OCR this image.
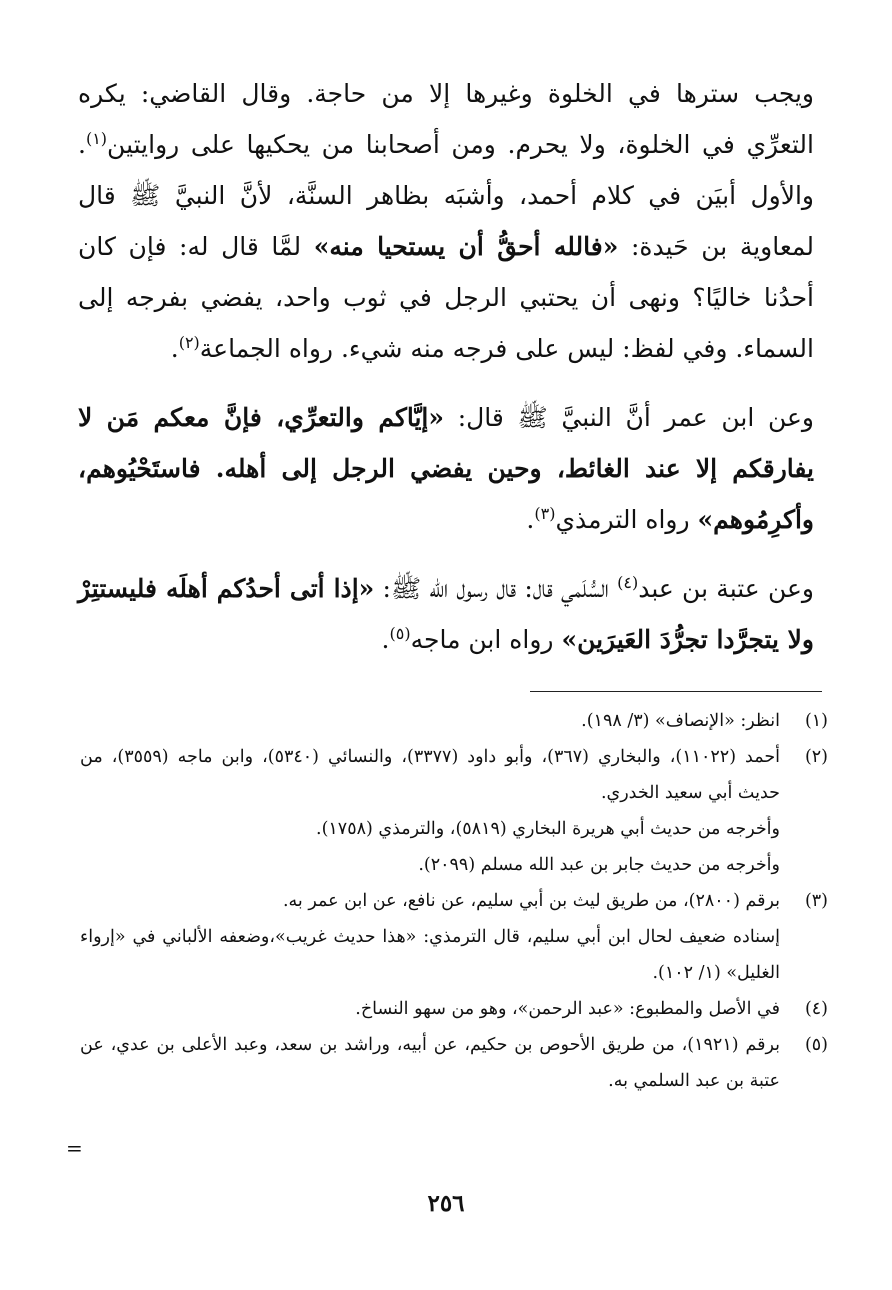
ويجب سترها في الخلوة وغيرها إلا من حاجة. وقال القاضي: يكره التعرِّي في الخلوة، ولا يحرم. ومن أصحابنا من يحكيها على روايتين$^{(١)}$. والأول أبيَن في كلام أحمد، وأشبَه بظاهر السنَّة، لأنَّ النبيَّ ﷺ قال لمعاوية بن حَيدة: «فالله أحقُّ أن يستحيا منه» لمَّا قال له: فإن كان أحدُنا خاليًا؟ ونهى أن يحتبي الرجل في ثوب واحد، يفضي بفرجه إلى السماء. وفي لفظ: ليس على فرجه منه شيء. رواه الجماعة$^{(٢)}$.

وعن ابن عمر أنَّ النبيَّ ﷺ قال: «إيَّاكم والتعرِّي، فإنَّ معكم مَن لا يفارقكم إلا عند الغائط، وحين يفضي الرجل إلى أهله. فاستَحْيُوهم، وأكرِمُوهم» رواه الترمذي$^{(٣)}$.

وعن عتبة بن عبد$^{(٤)}$ السُّلَمي قال: قال رسول الله ﷺ: «إذا أتى أحدُكم أهلَه فليستتِرْ ولا يتجرَّدا تجرُّدَ العَيرَين» رواه ابن ماجه$^{(٥)}$.

(١)
انظر: «الإنصاف» (٣/ ١٩٨).
(٢)
أحمد (١١٠٢٢)، والبخاري (٣٦٧)، وأبو داود (٣٣٧٧)، والنسائي (٥٣٤٠)، وابن ماجه (٣٥٥٩)، من حديث أبي سعيد الخدري.
وأخرجه من حديث أبي هريرة البخاري (٥٨١٩)، والترمذي (١٧٥٨).
وأخرجه من حديث جابر بن عبد الله مسلم (٢٠٩٩).
(٣)
برقم (٢٨٠٠)، من طريق ليث بن أبي سليم، عن نافع، عن ابن عمر به.
إسناده ضعيف لحال ابن أبي سليم، قال الترمذي: «هذا حديث غريب»،وضعفه الألباني في «إرواء الغليل» (١/ ١٠٢).
(٤)
في الأصل والمطبوع: «عبد الرحمن»، وهو من سهو النساخ.
(٥)
برقم (١٩٢١)، من طريق الأحوص بن حكيم، عن أبيه، وراشد بن سعد، وعبد الأعلى بن عدي، عن عتبة بن عبد السلمي به.
=
٢٥٦
